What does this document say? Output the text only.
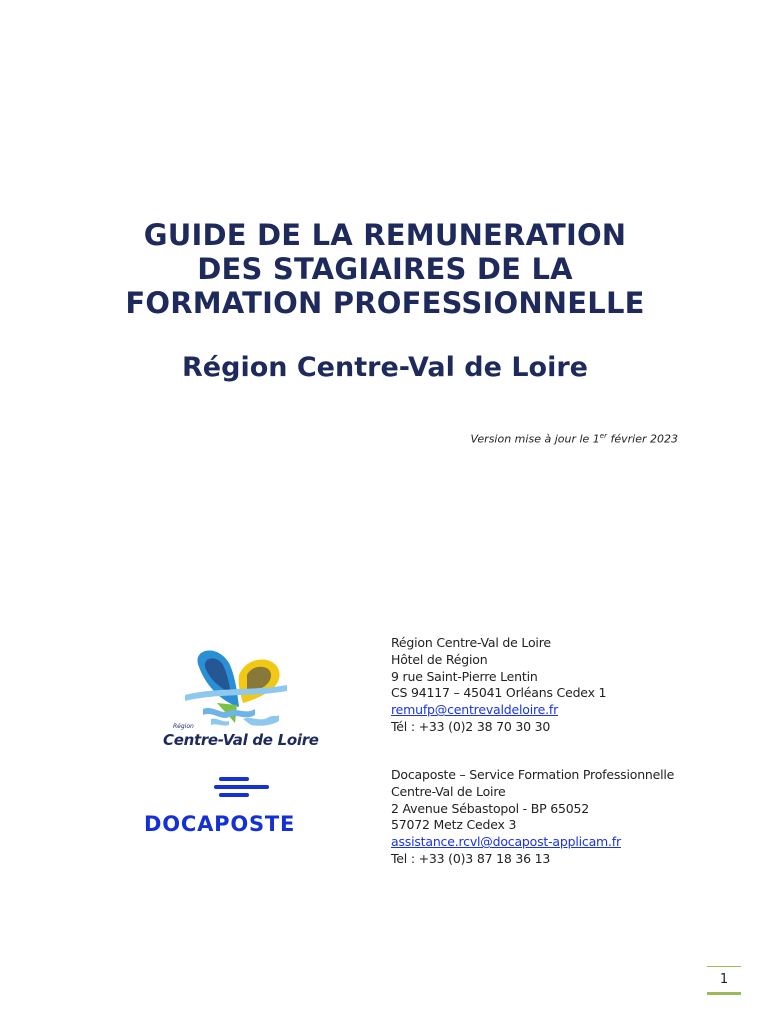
GUIDE DE LA REMUNERATION
DES STAGIAIRES DE LA
FORMATION PROFESSIONNELLE
Région Centre-Val de Loire
Version mise à jour le 1er février 2023
Région
Centre-Val de Loire
DOCAPOSTE
Région Centre-Val de Loire
Hôtel de Région
9 rue Saint-Pierre Lentin
CS 94117 – 45041 Orléans Cedex 1
remufp@centrevaldeloire.fr
Tél : +33 (0)2 38 70 30 30
Docaposte – Service Formation Professionnelle
Centre-Val de Loire
2 Avenue Sébastopol - BP 65052
57072 Metz Cedex 3
assistance.rcvl@docapost-applicam.fr
Tel : +33 (0)3 87 18 36 13
1
